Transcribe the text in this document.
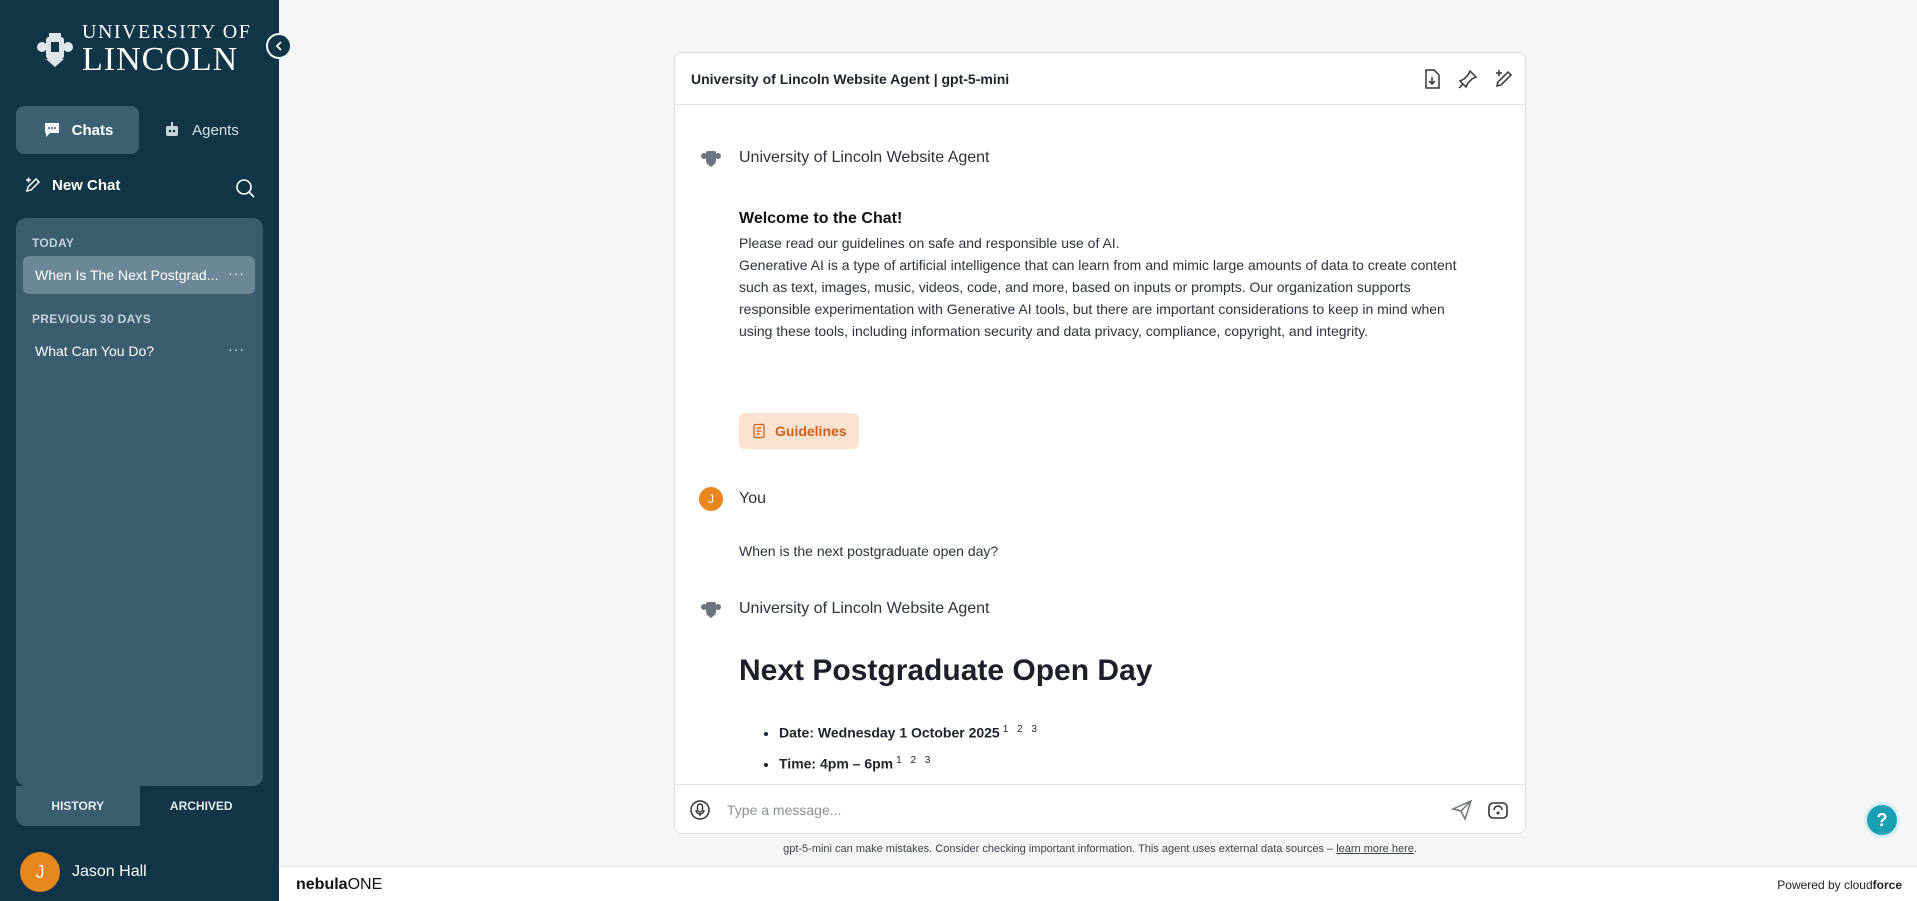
UNIVERSITY OF
LINCOLN
Chats	Agents
New Chat
TODAY
When Is The Next Postgrad... ···
PREVIOUS 30 DAYS
What Can You Do?	···
HISTORY	ARCHIVED
J	Jason Hall
University of Lincoln Website Agent | gpt-5-mini
University of Lincoln Website Agent
Welcome to the Chat!
Please read our guidelines on safe and responsible use of AI.
Generative AI is a type of artificial intelligence that can learn from and mimic large amounts of data to create content such as text, images, music, videos, code, and more, based on inputs or prompts. Our organization supports responsible experimentation with Generative AI tools, but there are important considerations to keep in mind when using these tools, including information security and data privacy, compliance, copyright, and integrity.
Guidelines
J	You
When is the next postgraduate open day?
University of Lincoln Website Agent
Next Postgraduate Open Day
• Date: Wednesday 1 October 2025 $^{1 2 3}$
• Time: 4pm – 6pm $^{1 2 3}$
Type a message...
gpt-5-mini can make mistakes. Consider checking important information. This agent uses external data sources – learn more here.
?
nebulaONE	Powered by cloudforce
